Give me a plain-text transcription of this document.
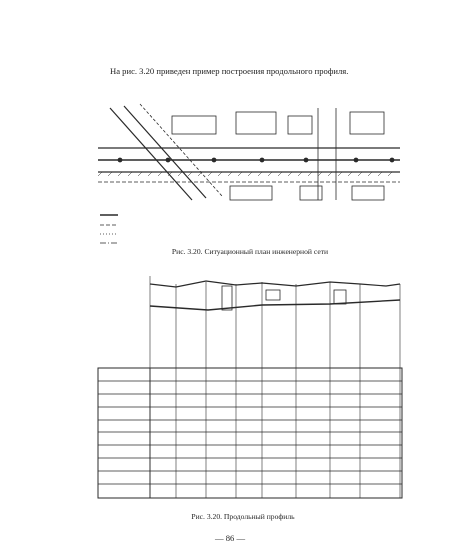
На рис. 3.20 приведен пример построения продольного профиля.

Рис. 3.20. Ситуационный план инженерной сети

Рис. 3.20. Продольный профиль

— 86 —
